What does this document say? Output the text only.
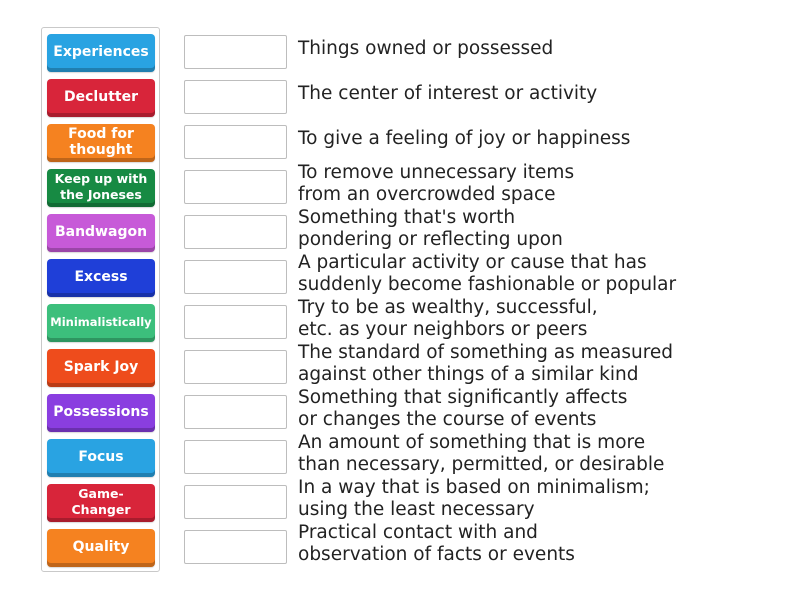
Experiences
Declutter
Food for thought
Keep up with the Joneses
Bandwagon
Excess
Minimalistically
Spark Joy
Possessions
Focus
Game-Changer
Quality
Things owned or possessed
The center of interest or activity
To give a feeling of joy or happiness
To remove unnecessary items
from an overcrowded space
Something that's worth
pondering or reflecting upon
A particular activity or cause that has
suddenly become fashionable or popular
Try to be as wealthy, successful,
etc. as your neighbors or peers
The standard of something as measured
against other things of a similar kind
Something that significantly affects
or changes the course of events
An amount of something that is more
than necessary, permitted, or desirable
In a way that is based on minimalism;
using the least necessary
Practical contact with and
observation of facts or events
